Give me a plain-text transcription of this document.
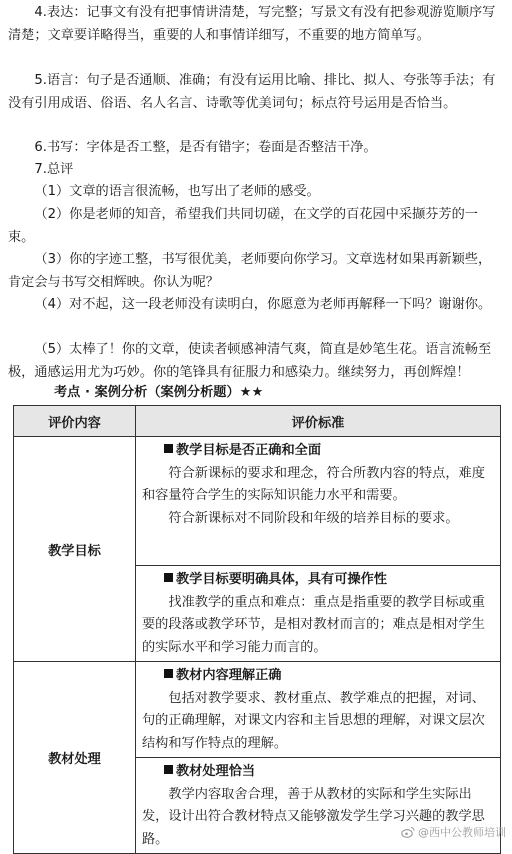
4.表达：记事文有没有把事情讲清楚，写完整；写景文有没有把参观游览顺序写清楚；文章要详略得当，重要的人和事情详细写，不重要的地方简单写。

5.语言：句子是否通顺、准确；有没有运用比喻、排比、拟人、夸张等手法；有没有引用成语、俗语、名人名言、诗歌等优美词句；标点符号运用是否恰当。

6.书写：字体是否工整，是否有错字；卷面是否整洁干净。

7.总评

（1）文章的语言很流畅，也写出了老师的感受。

（2）你是老师的知音，希望我们共同切磋，在文学的百花园中采撷芬芳的一束。

（3）你的字迹工整，书写很优美，老师要向你学习。文章选材如果再新颖些，肯定会与书写交相辉映。你认为呢？

（4）对不起，这一段老师没有读明白，你愿意为老师再解释一下吗？谢谢你。

（5）太棒了！你的文章，使读者顿感神清气爽，简直是妙笔生花。语言流畅至极，通感运用尤为巧妙。你的笔锋具有征服力和感染力。继续努力，再创辉煌！

考点 · 案例分析（案例分析题）★★
评价内容	评价标准
教学目标	教学目标是否正确和全面

符合新课标的要求和理念，符合所教内容的特点，难度和容量符合学生的实际知识能力水平和需要。

符合新课标对不同阶段和年级的培养目标的要求。

	教学目标要明确具体，具有可操作性

找准教学的重点和难点：重点是指重要的教学目标或重要的段落或教学环节，是相对教材而言的；难点是相对学生的实际水平和学习能力而言的。

教材处理	教材内容理解正确

包括对教学要求、教材重点、教学难点的把握，对词、句的正确理解，对课文内容和主旨思想的理解，对课文层次结构和写作特点的理解。

	教材处理恰当

教学内容取舍合理，善于从教材的实际和学生实际出发，设计出符合教材特点又能够激发学生学习兴趣的教学思路。	@西中公教师培训
